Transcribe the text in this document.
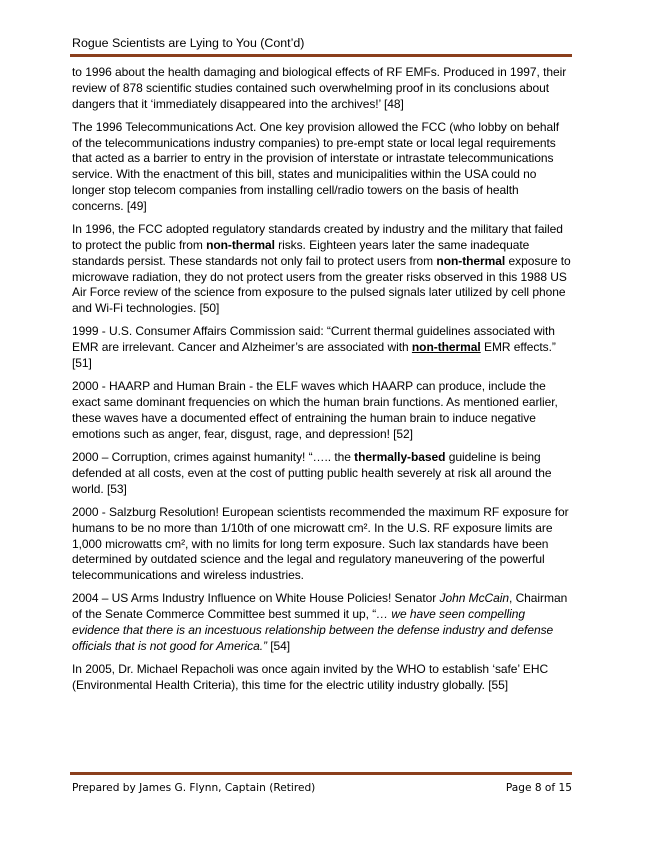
Rogue Scientists are Lying to You (Cont’d)

to 1996 about the health damaging and biological effects of RF EMFs. Produced in 1997, their review of 878 scientific studies contained such overwhelming proof in its conclusions about dangers that it ‘immediately disappeared into the archives!’ [48]

The 1996 Telecommunications Act. One key provision allowed the FCC (who lobby on behalf of the telecommunications industry companies) to pre-empt state or local legal requirements that acted as a barrier to entry in the provision of interstate or intrastate telecommunications service. With the enactment of this bill, states and municipalities within the USA could no longer stop telecom companies from installing cell/radio towers on the basis of health concerns. [49]

In 1996, the FCC adopted regulatory standards created by industry and the military that failed to protect the public from non-thermal risks. Eighteen years later the same inadequate standards persist. These standards not only fail to protect users from non-thermal exposure to microwave radiation, they do not protect users from the greater risks observed in this 1988 US Air Force review of the science from exposure to the pulsed signals later utilized by cell phone and Wi-Fi technologies. [50]

1999 - U.S. Consumer Affairs Commission said: “Current thermal guidelines associated with EMR are irrelevant. Cancer and Alzheimer’s are associated with non-thermal EMR effects.” [51]

2000 - HAARP and Human Brain - the ELF waves which HAARP can produce, include the exact same dominant frequencies on which the human brain functions. As mentioned earlier, these waves have a documented effect of entraining the human brain to induce negative emotions such as anger, fear, disgust, rage, and depression! [52]

2000 – Corruption, crimes against humanity! “….. the thermally-based guideline is being defended at all costs, even at the cost of putting public health severely at risk all around the world. [53]

2000 - Salzburg Resolution! European scientists recommended the maximum RF exposure for humans to be no more than 1/10th of one microwatt cm². In the U.S. RF exposure limits are 1,000 microwatts cm², with no limits for long term exposure. Such lax standards have been determined by outdated science and the legal and regulatory maneuvering of the powerful telecommunications and wireless industries.

2004 – US Arms Industry Influence on White House Policies! Senator John McCain, Chairman of the Senate Commerce Committee best summed it up, “… we have seen compelling evidence that there is an incestuous relationship between the defense industry and defense officials that is not good for America.” [54]

In 2005, Dr. Michael Repacholi was once again invited by the WHO to establish ‘safe’ EHC (Environmental Health Criteria), this time for the electric utility industry globally. [55]

Prepared by James G. Flynn, Captain (Retired)	Page 8 of 15
